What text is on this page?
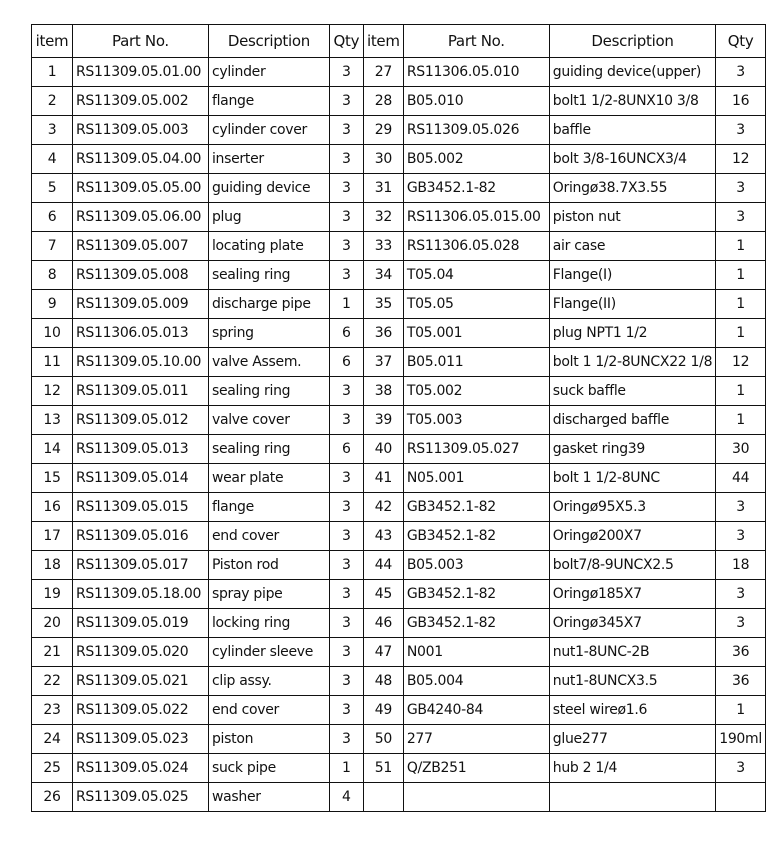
item	Part No.	Description	Qty	item	Part No.	Description	Qty
1	RS11309.05.01.00	cylinder	3	27	RS11306.05.010	guiding device(upper)	3
2	RS11309.05.002	flange	3	28	B05.010	bolt1 1/2-8UNX10 3/8	16
3	RS11309.05.003	cylinder cover	3	29	RS11309.05.026	baffle	3
4	RS11309.05.04.00	inserter	3	30	B05.002	bolt 3/8-16UNCX3/4	12
5	RS11309.05.05.00	guiding device	3	31	GB3452.1-82	Oringø38.7X3.55	3
6	RS11309.05.06.00	plug	3	32	RS11306.05.015.00	piston nut	3
7	RS11309.05.007	locating plate	3	33	RS11306.05.028	air case	1
8	RS11309.05.008	sealing ring	3	34	T05.04	Flange(I)	1
9	RS11309.05.009	discharge pipe	1	35	T05.05	Flange(II)	1
10	RS11306.05.013	spring	6	36	T05.001	plug NPT1 1/2	1
11	RS11309.05.10.00	valve Assem.	6	37	B05.011	bolt 1 1/2-8UNCX22 1/8	12
12	RS11309.05.011	sealing ring	3	38	T05.002	suck baffle	1
13	RS11309.05.012	valve cover	3	39	T05.003	discharged baffle	1
14	RS11309.05.013	sealing ring	6	40	RS11309.05.027	gasket ring39	30
15	RS11309.05.014	wear plate	3	41	N05.001	bolt 1 1/2-8UNC	44
16	RS11309.05.015	flange	3	42	GB3452.1-82	Oringø95X5.3	3
17	RS11309.05.016	end cover	3	43	GB3452.1-82	Oringø200X7	3
18	RS11309.05.017	Piston rod	3	44	B05.003	bolt7/8-9UNCX2.5	18
19	RS11309.05.18.00	spray pipe	3	45	GB3452.1-82	Oringø185X7	3
20	RS11309.05.019	locking ring	3	46	GB3452.1-82	Oringø345X7	3
21	RS11309.05.020	cylinder sleeve	3	47	N001	nut1-8UNC-2B	36
22	RS11309.05.021	clip assy.	3	48	B05.004	nut1-8UNCX3.5	36
23	RS11309.05.022	end cover	3	49	GB4240-84	steel wireø1.6	1
24	RS11309.05.023	piston	3	50	277	glue277	190ml
25	RS11309.05.024	suck pipe	1	51	Q/ZB251	hub 2 1/4	3
26	RS11309.05.025	washer	4				
